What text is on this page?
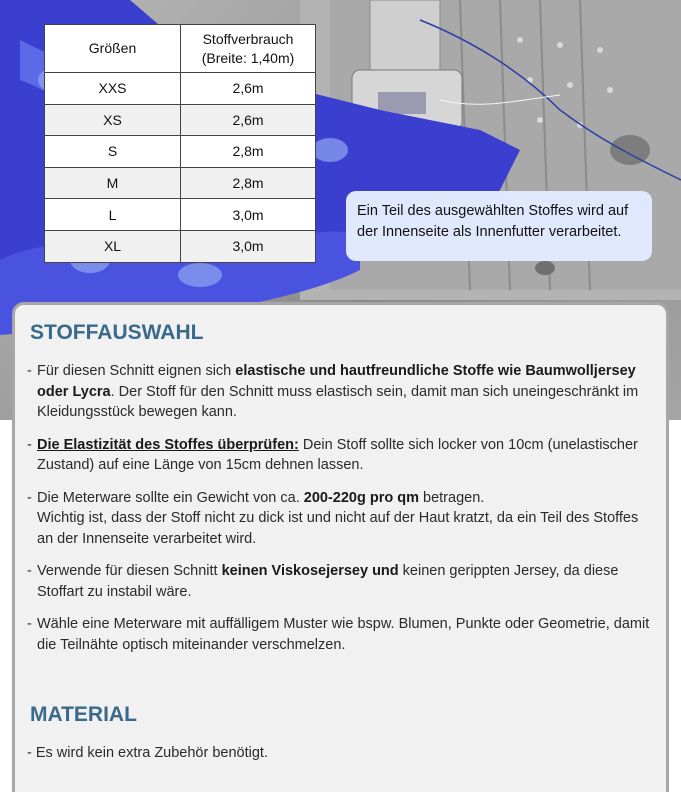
Größen	Stoffverbrauch
(Breite: 1,40m)
XXS	2,6m
XS	2,6m
S	2,8m
M	2,8m
L	3,0m
XL	3,0m
Ein Teil des ausgewählten Stoffes wird auf
der Innenseite als Innenfutter verarbeitet.
STOFFAUSWAHL
- Für diesen Schnitt eignen sich elastische und hautfreundliche Stoffe wie Baumwolljersey oder Lycra. Der Stoff für den Schnitt muss elastisch sein, damit man sich uneingeschränkt im Kleidungsstück bewegen kann.
- Die Elastizität des Stoffes überprüfen: Dein Stoff sollte sich locker von 10cm (unelastischer Zustand) auf eine Länge von 15cm dehnen lassen.
- Die Meterware sollte ein Gewicht von ca. 200-220g pro qm betragen.
Wichtig ist, dass der Stoff nicht zu dick ist und nicht auf der Haut kratzt, da ein Teil des Stoffes an der Innenseite verarbeitet wird.
- Verwende für diesen Schnitt keinen Viskosejersey und keinen gerippten Jersey, da diese Stoffart zu instabil wäre.
- Wähle eine Meterware mit auffälligem Muster wie bspw. Blumen, Punkte oder Geometrie, damit die Teilnähte optisch miteinander verschmelzen.
MATERIAL
- Es wird kein extra Zubehör benötigt.
